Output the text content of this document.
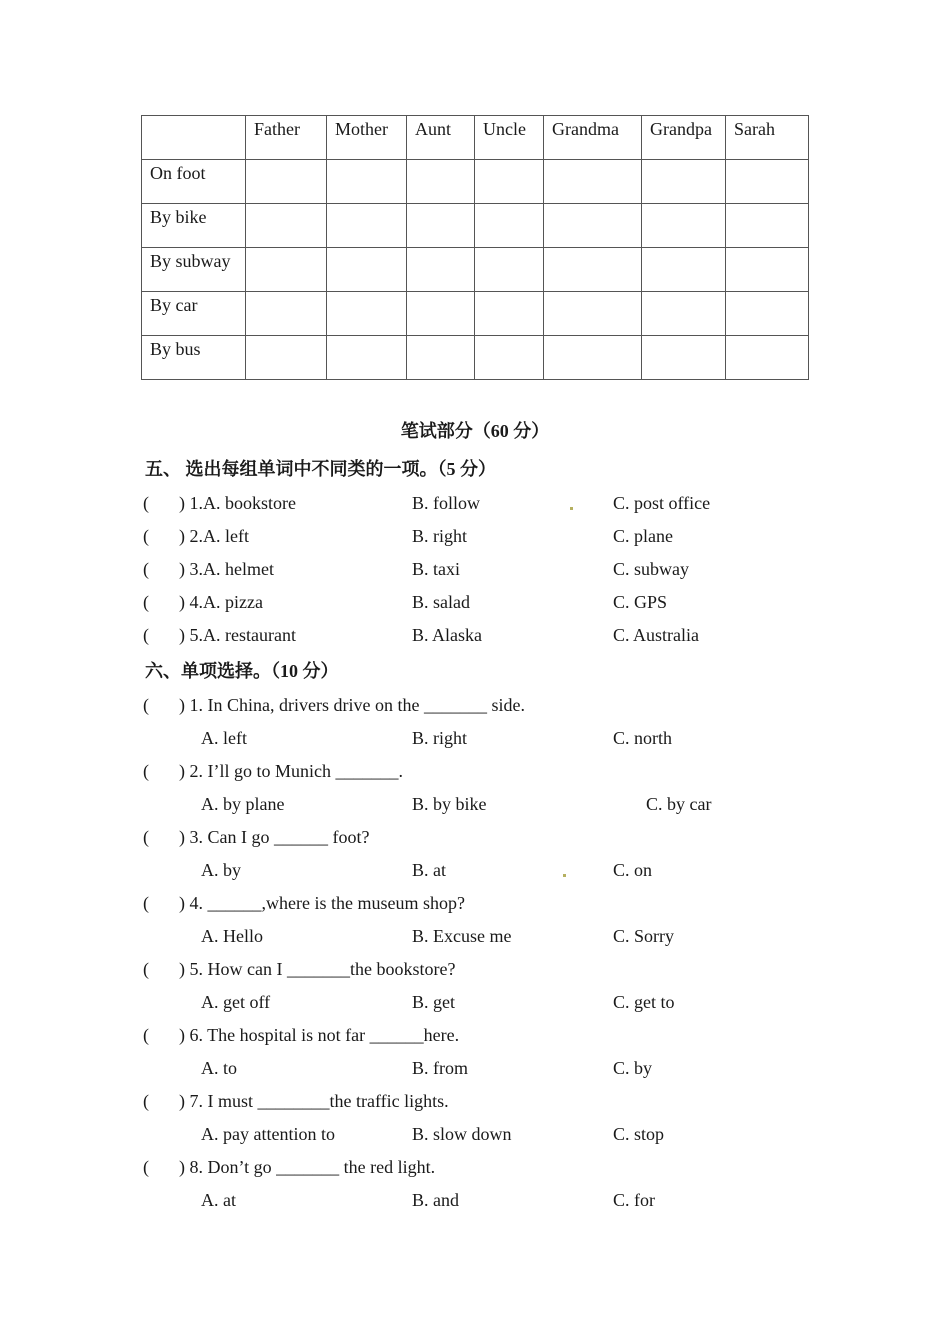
	Father	Mother	Aunt	Uncle	Grandma	Grandpa	Sarah
On foot							
By bike							
By subway							
By car							
By bus							
笔试部分（60 分）
五、 选出每组单词中不同类的一项。（5 分）
( ) 1.A. bookstore	B. follow	C. post office
( ) 2.A. left	B. right	C. plane
( ) 3.A. helmet	B. taxi	C. subway
( ) 4.A. pizza	B. salad	C. GPS
( ) 5.A. restaurant	B. Alaska	C. Australia
六、单项选择。（10 分）
( ) 1. In China, drivers drive on the _______ side.
A. left	B. right	C. north
( ) 2. I’ll go to Munich _______.
A. by plane	B. by bike	C. by car
( ) 3. Can I go ______ foot?
A. by	B. at	C. on
( ) 4. ______,where is the museum shop?
A. Hello	B. Excuse me	C. Sorry
( ) 5. How can I _______the bookstore?
A. get off	B. get	C. get to
( ) 6. The hospital is not far ______here.
A. to	B. from	C. by
( ) 7. I must ________the traffic lights.
A. pay attention to	B. slow down	C. stop
( ) 8. Don’t go _______ the red light.
A. at	B. and	C. for
